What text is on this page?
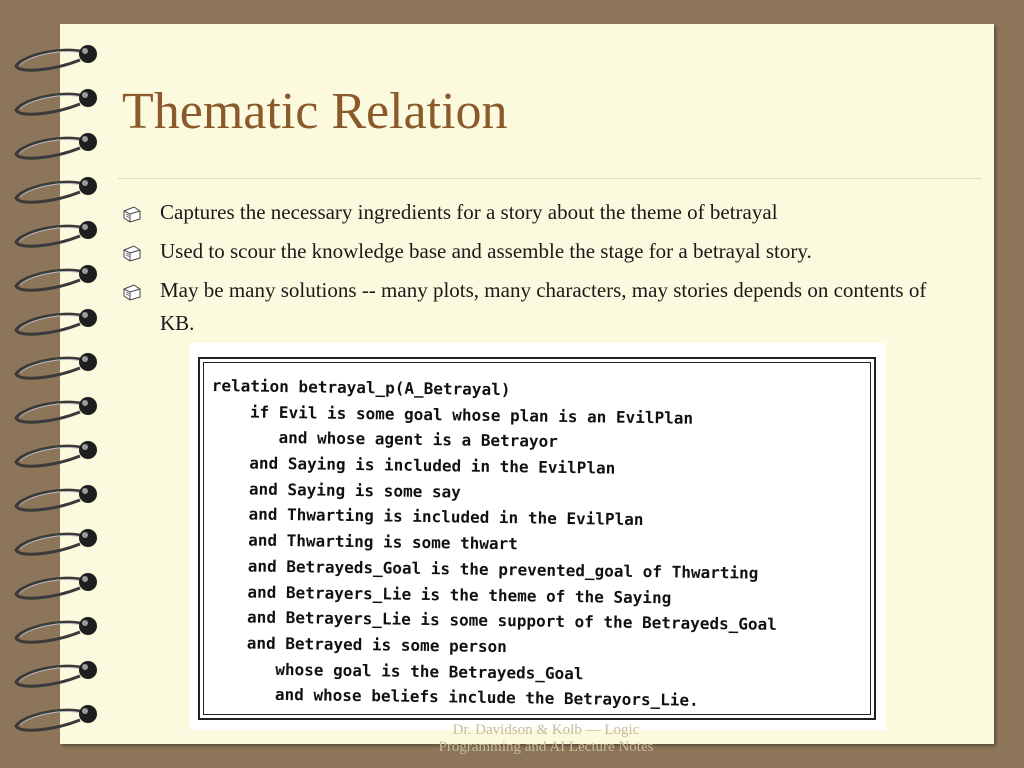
Thematic Relation
Captures the necessary ingredients for a story about the theme of betrayal
Used to scour the knowledge base and assemble the stage for a betrayal story.
May be many solutions -- many plots, many characters, may stories depends on contents of KB.
relation betrayal_p(A_Betrayal)
if Evil is some goal whose plan is an EvilPlan
and whose agent is a Betrayor
and Saying is included in the EvilPlan
and Saying is some say
and Thwarting is included in the EvilPlan
and Thwarting is some thwart
and Betrayeds_Goal is the prevented_goal of Thwarting
and Betrayers_Lie is the theme of the Saying
and Betrayers_Lie is some support of the Betrayeds_Goal
and Betrayed is some person
whose goal is the Betrayeds_Goal
and whose beliefs include the Betrayors_Lie.
Dr. Davidson & Kolb — Logic
Programming and AI Lecture Notes
